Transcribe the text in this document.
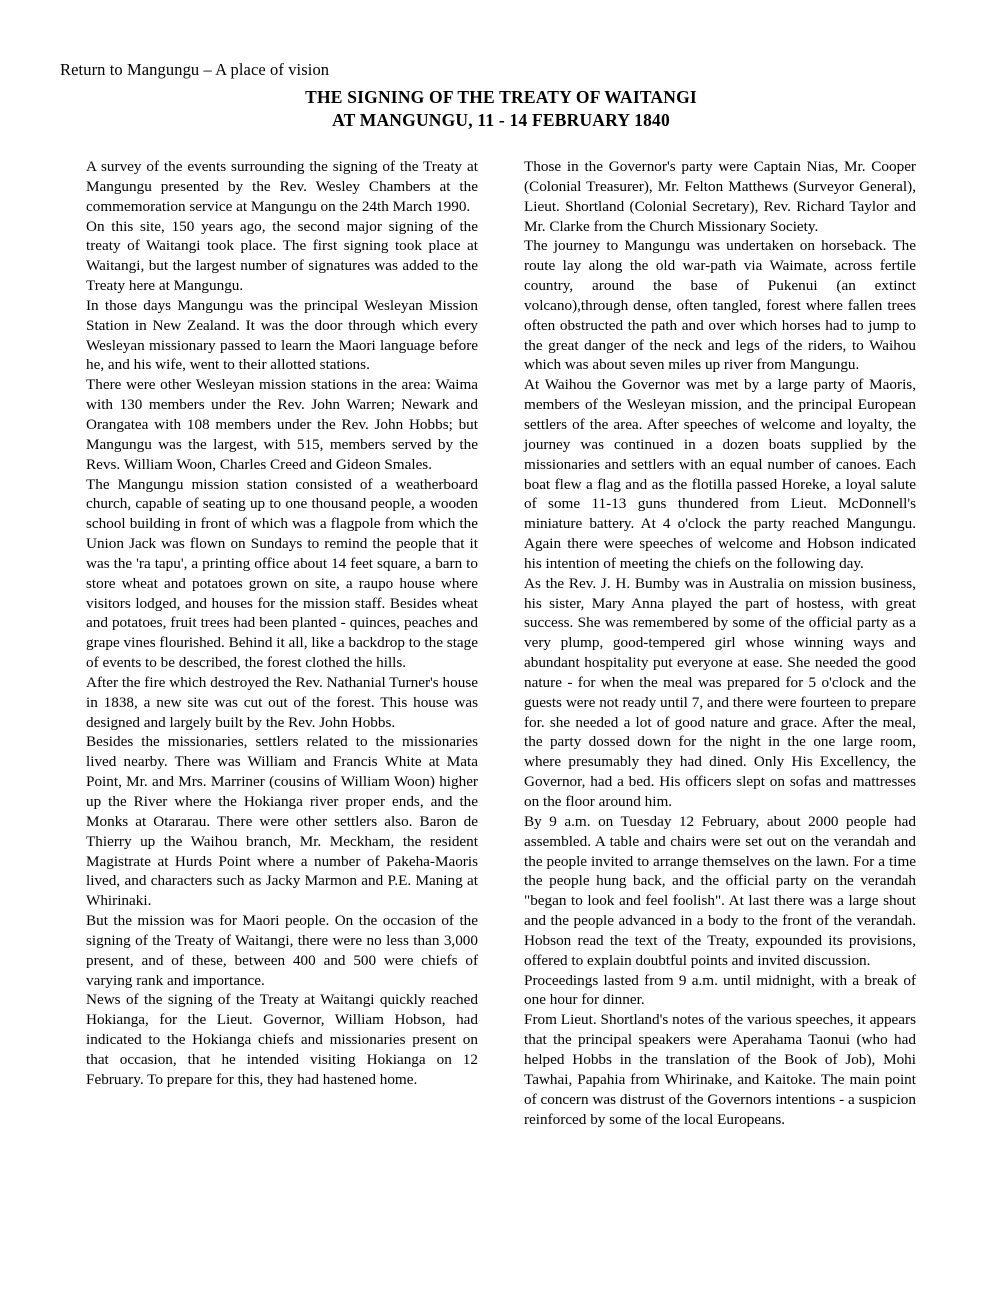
Return to Mangungu – A place of vision
THE SIGNING OF THE TREATY OF WAITANGI
AT MANGUNGU, 11 - 14 FEBRUARY 1840

A survey of the events surrounding the signing of the Treaty at Mangungu presented by the Rev. Wesley Chambers at the commemoration service at Mangungu on the 24th March 1990.

On this site, 150 years ago, the second major signing of the treaty of Waitangi took place. The first signing took place at Waitangi, but the largest number of signatures was added to the Treaty here at Mangungu.

In those days Mangungu was the principal Wesleyan Mission Station in New Zealand. It was the door through which every Wesleyan missionary passed to learn the Maori language before he, and his wife, went to their allotted stations.

There were other Wesleyan mission stations in the area: Waima with 130 members under the Rev. John Warren; Newark and Orangatea with 108 members under the Rev. John Hobbs; but Mangungu was the largest, with 515, members served by the Revs. William Woon, Charles Creed and Gideon Smales.

The Mangungu mission station consisted of a weatherboard church, capable of seating up to one thousand people, a wooden school building in front of which was a flagpole from which the Union Jack was flown on Sundays to remind the people that it was the 'ra tapu', a printing office about 14 feet square, a barn to store wheat and potatoes grown on site, a raupo house where visitors lodged, and houses for the mission staff. Besides wheat and potatoes, fruit trees had been planted - quinces, peaches and grape vines flourished. Behind it all, like a backdrop to the stage of events to be described, the forest clothed the hills.

After the fire which destroyed the Rev. Nathanial Turner's house in 1838, a new site was cut out of the forest. This house was designed and largely built by the Rev. John Hobbs.

Besides the missionaries, settlers related to the missionaries lived nearby. There was William and Francis White at Mata Point, Mr. and Mrs. Marriner (cousins of William Woon) higher up the River where the Hokianga river proper ends, and the Monks at Otararau. There were other settlers also. Baron de Thierry up the Waihou branch, Mr. Meckham, the resident Magistrate at Hurds Point where a number of Pakeha-Maoris lived, and characters such as Jacky Marmon and P.E. Maning at Whirinaki.

But the mission was for Maori people. On the occasion of the signing of the Treaty of Waitangi, there were no less than 3,000 present, and of these, between 400 and 500 were chiefs of varying rank and importance.

News of the signing of the Treaty at Waitangi quickly reached Hokianga, for the Lieut. Governor, William Hobson, had indicated to the Hokianga chiefs and missionaries present on that occasion, that he intended visiting Hokianga on 12 February. To prepare for this, they had hastened home.

Those in the Governor's party were Captain Nias, Mr. Cooper (Colonial Treasurer), Mr. Felton Matthews (Surveyor General), Lieut. Shortland (Colonial Secretary), Rev. Richard Taylor and Mr. Clarke from the Church Missionary Society.

The journey to Mangungu was undertaken on horseback. The route lay along the old war-path via Waimate, across fertile country, around the base of Pukenui (an extinct volcano),through dense, often tangled, forest where fallen trees often obstructed the path and over which horses had to jump to the great danger of the neck and legs of the riders, to Waihou which was about seven miles up river from Mangungu.

At Waihou the Governor was met by a large party of Maoris, members of the Wesleyan mission, and the principal European settlers of the area. After speeches of welcome and loyalty, the journey was continued in a dozen boats supplied by the missionaries and settlers with an equal number of canoes. Each boat flew a flag and as the flotilla passed Horeke, a loyal salute of some 11-13 guns thundered from Lieut. McDonnell's miniature battery. At 4 o'clock the party reached Mangungu. Again there were speeches of welcome and Hobson indicated his intention of meeting the chiefs on the following day.

As the Rev. J. H. Bumby was in Australia on mission business, his sister, Mary Anna played the part of hostess, with great success. She was remembered by some of the official party as a very plump, good-tempered girl whose winning ways and abundant hospitality put everyone at ease. She needed the good nature - for when the meal was prepared for 5 o'clock and the guests were not ready until 7, and there were fourteen to prepare for. she needed a lot of good nature and grace. After the meal, the party dossed down for the night in the one large room, where presumably they had dined. Only His Excellency, the Governor, had a bed. His officers slept on sofas and mattresses on the floor around him.

By 9 a.m. on Tuesday 12 February, about 2000 people had assembled. A table and chairs were set out on the verandah and the people invited to arrange themselves on the lawn. For a time the people hung back, and the official party on the verandah "began to look and feel foolish". At last there was a large shout and the people advanced in a body to the front of the verandah. Hobson read the text of the Treaty, expounded its provisions, offered to explain doubtful points and invited discussion.

Proceedings lasted from 9 a.m. until midnight, with a break of one hour for dinner.

From Lieut. Shortland's notes of the various speeches, it appears that the principal speakers were Aperahama Taonui (who had helped Hobbs in the translation of the Book of Job), Mohi Tawhai, Papahia from Whirinake, and Kaitoke. The main point of concern was distrust of the Governors intentions - a suspicion reinforced by some of the local Europeans.
